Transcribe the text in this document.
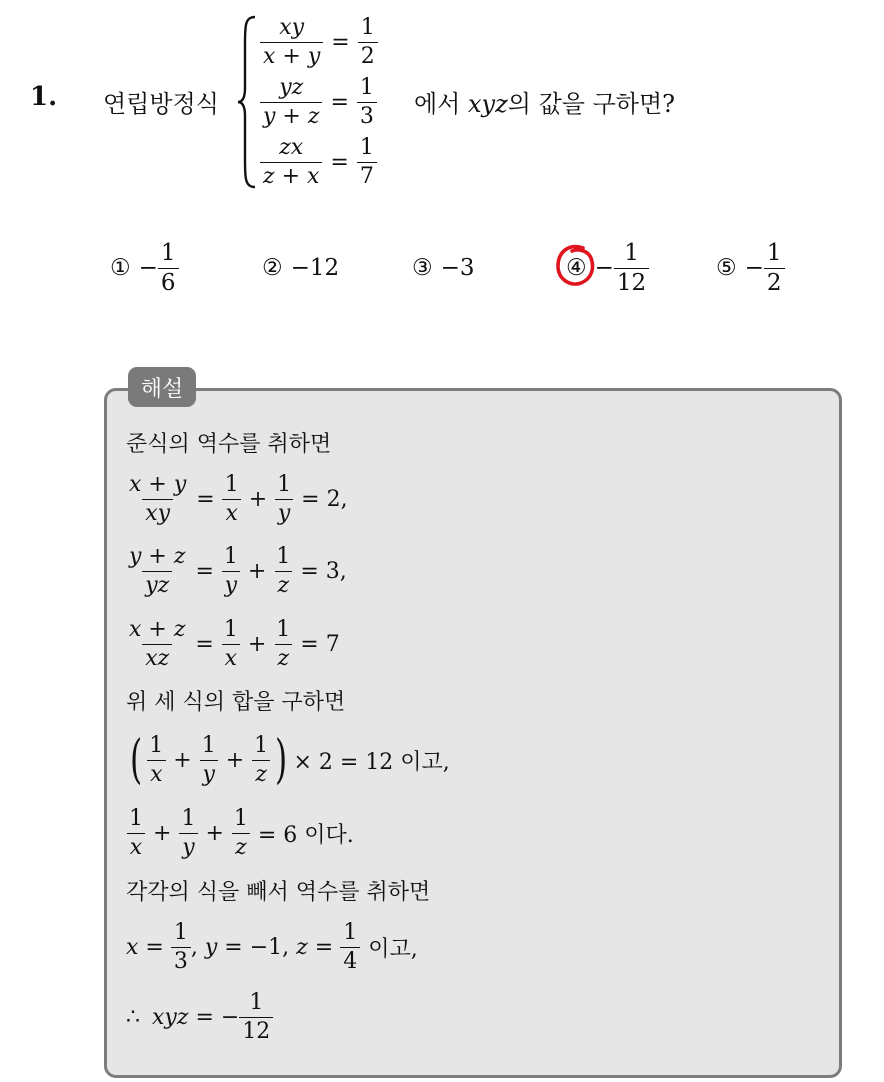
1. 연립방정식
$\frac{xy}{x + y} = \frac{1}{2}$
$\frac{yz}{y + z} = \frac{1}{3}$
$\frac{zx}{z + x} = \frac{1}{7}$
에서 xyz의 값을 구하면?
① − $\frac{1}{6}$	② −12	③ −3	④ − $\frac{1}{12}$	⑤ − $\frac{1}{2}$
해설
준식의 역수를 취하면
$\frac{x + y}{xy} = \frac{1}{x} + \frac{1}{y} = 2$,
$\frac{y + z}{yz} = \frac{1}{y} + \frac{1}{z} = 3$,
$\frac{x + z}{xz} = \frac{1}{x} + \frac{1}{z} = 7$
위 세 식의 합을 구하면
( $\frac{1}{x} + \frac{1}{y} + \frac{1}{z}$ ) × 2 = 12 이고,
$\frac{1}{x} + \frac{1}{y} + \frac{1}{z} = 6$ 이다.
각각의 식을 빼서 역수를 취하면
$x = \frac{1}{3}$ , y = −1 , $z = \frac{1}{4}$ 이고,
∴ xyz = − $\frac{1}{12}$
